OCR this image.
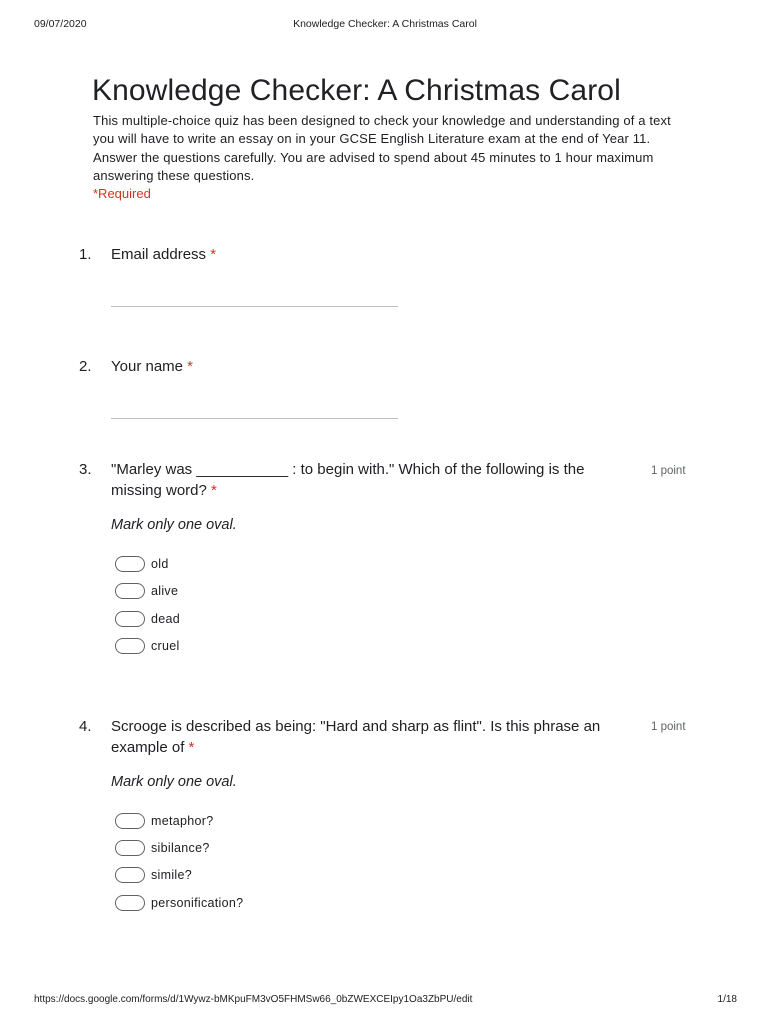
09/07/2020	Knowledge Checker: A Christmas Carol
Knowledge Checker: A Christmas Carol
This multiple-choice quiz has been designed to check your knowledge and understanding of a text you will have to write an essay on in your GCSE English Literature exam at the end of Year 11. Answer the questions carefully. You are advised to spend about 45 minutes to 1 hour maximum answering these questions.
*Required
1. Email address *
2. Your name *
3. "Marley was ___________ : to begin with." Which of the following is the
missing word? *
1 point
Mark only one oval.
old
alive
dead
cruel
4. Scrooge is described as being: "Hard and sharp as flint". Is this phrase an
example of *
1 point
Mark only one oval.
metaphor?
sibilance?
simile?
personification?
https://docs.google.com/forms/d/1Wywz-bMKpuFM3vO5FHMSw66_0bZWEXCEIpy1Oa3ZbPU/edit	1/18
